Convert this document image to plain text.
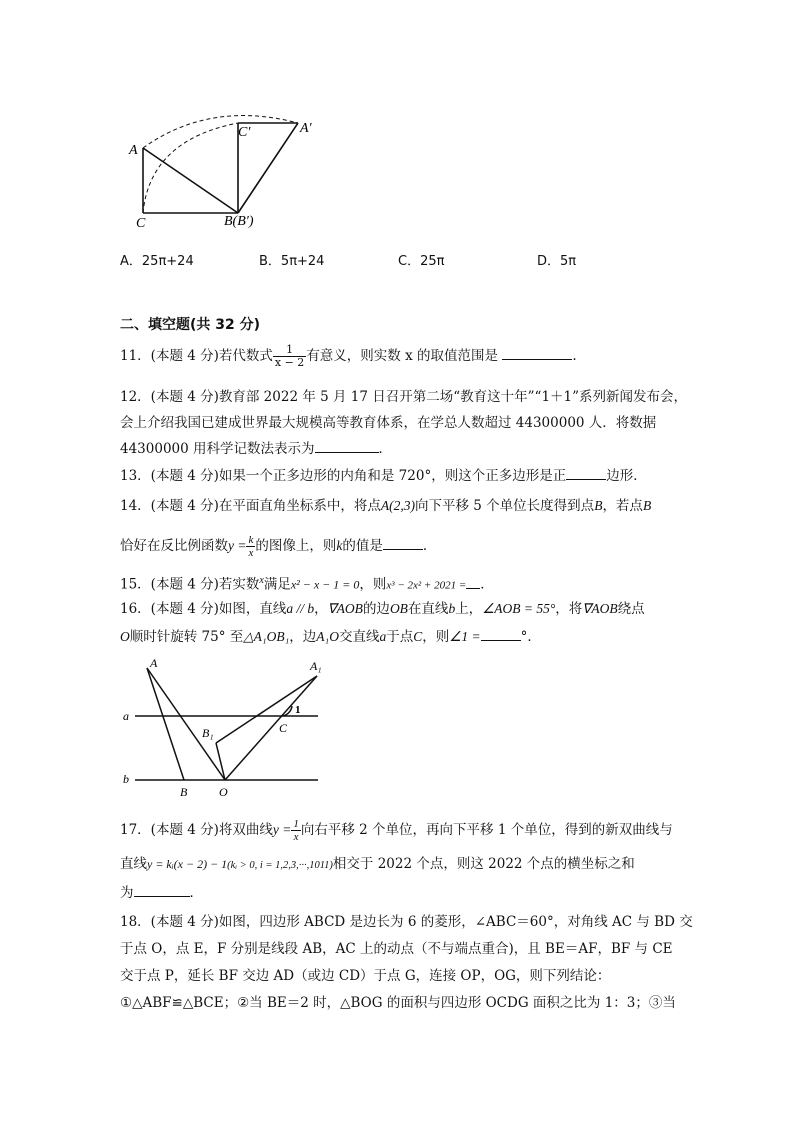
A
C	B(B′)
C′	A′
A．25π+24	B．5π+24	C．25π	D．5π
二、填空题(共 32 分)
11．(本题 4 分)若代数式 $\frac{1}{x - 2}$ 有意义，则实数 x 的取值范围是	.
12．(本题 4 分)教育部 2022 年 5 月 17 日召开第二场“教育这十年”“1＋1”系列新闻发布会，
会上介绍我国已建成世界最大规模高等教育体系，在学总人数超过 44300000 人．将数据
44300000 用科学记数法表示为	．
13．(本题 4 分)如果一个正多边形的内角和是 720°，则这个正多边形是正	边形．
14．(本题 4 分)在平面直角坐标系中，将点A(2,3)向下平移 5 个单位长度得到点B，若点B
恰好在反比例函数$y = \frac{k}{x}$ 的图像上，则k的值是	．
15．(本题 4 分)若实数$^x$满足x² − x − 1 = 0，则x³ − 2x² + 2021 = ．
16．(本题 4 分)如图，直线a // b，∇AOB的边OB在直线b上，∠AOB = 55°，将∇AOB绕点
O顺时针旋转 75° 至△A₁OB₁，边A₁O交直线a于点C，则∠1 =	°．
A	A₁
a
b
B₁	C
1
B	O
17．(本题 4 分)将双曲线$y = \frac{1}{x}$ 向右平移 2 个单位，再向下平移 1 个单位，得到的新双曲线与
直线y = kᵢ(x − 2) − 1(kᵢ > 0, i = 1,2,3,···,1011)相交于 2022 个点，则这 2022 个点的横坐标之和
为	．
18．(本题 4 分)如图，四边形 ABCD 是边长为 6 的菱形，∠ABC＝60°，对角线 AC 与 BD 交
于点 O，点 E，F 分别是线段 AB，AC 上的动点（不与端点重合)，且 BE＝AF，BF 与 CE
交于点 P，延长 BF 交边 AD（或边 CD）于点 G，连接 OP，OG，则下列结论：
①△ABF≌△BCE；②当 BE＝2 时，△BOG 的面积与四边形 OCDG 面积之比为 1：3；③当
